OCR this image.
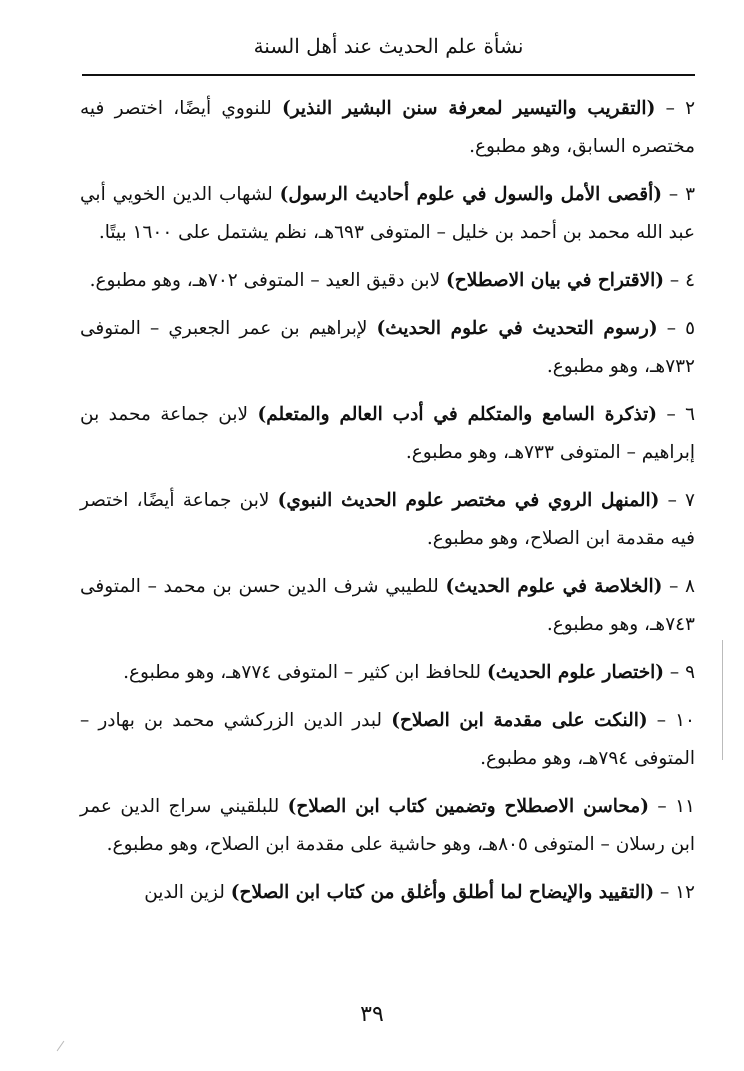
نشأة علم الحديث عند أهل السنة

٢ – (التقريب والتيسير لمعرفة سنن البشير النذير) للنووي أيضًا، اختصر فيه مختصره السابق، وهو مطبوع.

٣ – (أقصى الأمل والسول في علوم أحاديث الرسول) لشهاب الدين الخويي أبي عبد الله محمد بن أحمد بن خليل – المتوفى ٦٩٣هـ، نظم يشتمل على ١٦٠٠ بيتًا.

٤ – (الاقتراح في بيان الاصطلاح) لابن دقيق العيد – المتوفى ٧٠٢هـ، وهو مطبوع.

٥ – (رسوم التحديث في علوم الحديث) لإبراهيم بن عمر الجعبري – المتوفى ٧٣٢هـ، وهو مطبوع.

٦ – (تذكرة السامع والمتكلم في أدب العالم والمتعلم) لابن جماعة محمد بن إبراهيم – المتوفى ٧٣٣هـ، وهو مطبوع.

٧ – (المنهل الروي في مختصر علوم الحديث النبوي) لابن جماعة أيضًا، اختصر فيه مقدمة ابن الصلاح، وهو مطبوع.

٨ – (الخلاصة في علوم الحديث) للطيبي شرف الدين حسن بن محمد – المتوفى ٧٤٣هـ، وهو مطبوع.

٩ – (اختصار علوم الحديث) للحافظ ابن كثير – المتوفى ٧٧٤هـ، وهو مطبوع.

١٠ – (النكت على مقدمة ابن الصلاح) لبدر الدين الزركشي محمد بن بهادر – المتوفى ٧٩٤هـ، وهو مطبوع.

١١ – (محاسن الاصطلاح وتضمين كتاب ابن الصلاح) للبلقيني سراج الدين عمر ابن رسلان – المتوفى ٨٠٥هـ، وهو حاشية على مقدمة ابن الصلاح، وهو مطبوع.

١٢ – (التقييد والإيضاح لما أطلق وأغلق من كتاب ابن الصلاح) لزين الدين

٣٩
